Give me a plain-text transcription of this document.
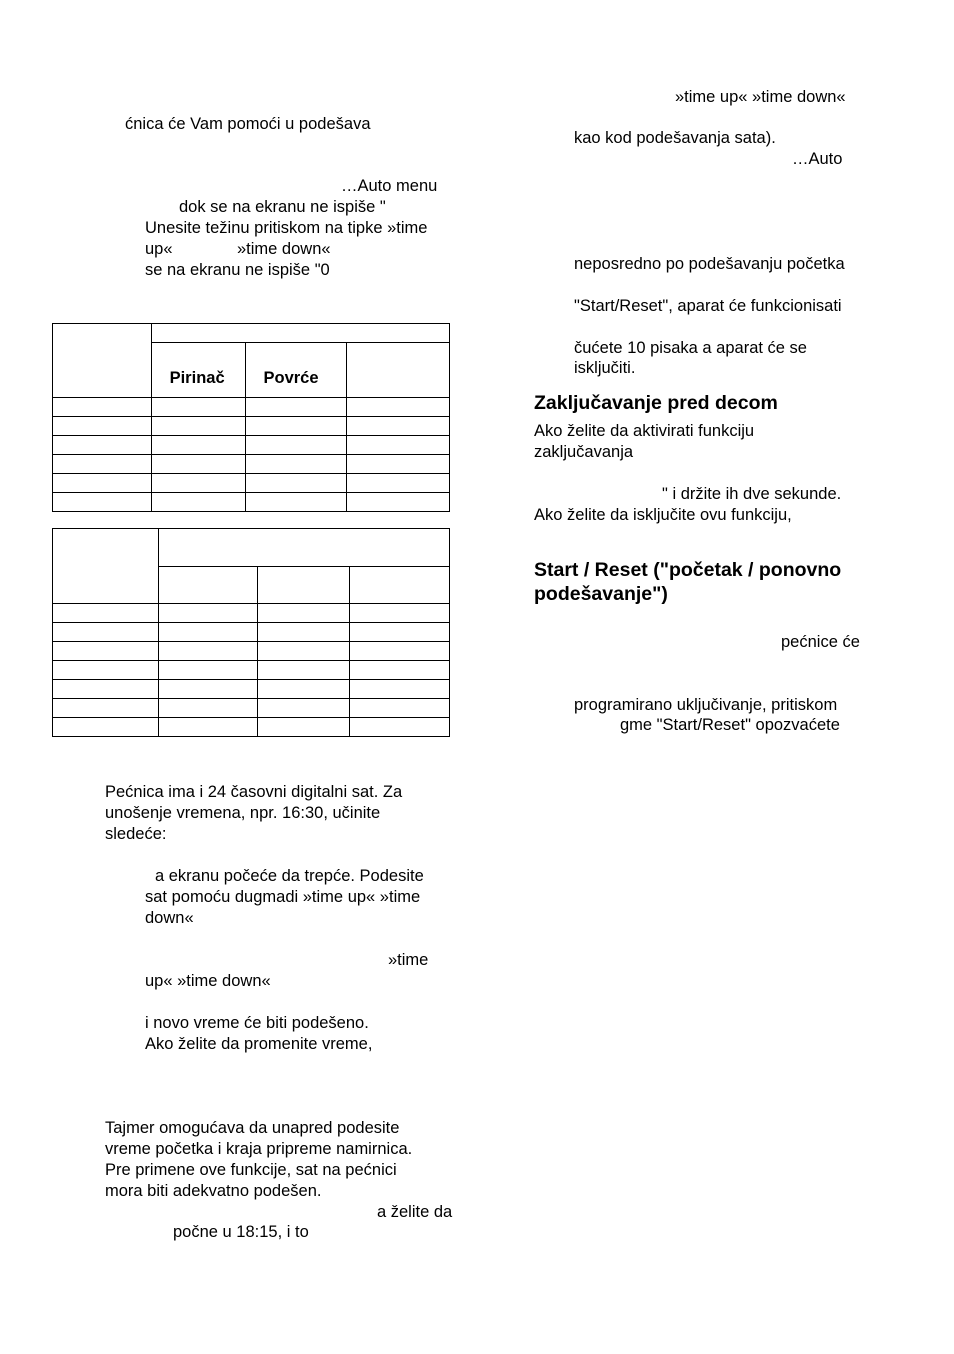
ćnica će Vam pomoći u podešava
…Auto menu
dok se na ekranu ne ispiše "
Unesite težinu pritiskom na tipke »time
up«	»time down«
se na ekranu ne ispiše "0

	Pirinač	Povrće	

Pećnica ima i 24 časovni digitalni sat. Za
unošenje vremena, npr. 16:30, učinite
sledeće:
a ekranu počeće da trepće. Podesite
sat pomoću dugmadi »time up« »time
down«
»time
up« »time down«
i novo vreme će biti podešeno.
Ako želite da promenite vreme,
Tajmer omogućava da unapred podesite
vreme početka i kraja pripreme namirnica.
Pre primene ove funkcije, sat na pećnici
mora biti adekvatno podešen.
a želite da
počne u 18:15, i to
»time up« »time down«
kao kod podešavanja sata).
…Auto
neposredno po podešavanju početka
"Start/Reset", aparat će funkcionisati
čućete 10 pisaka a aparat će se
isključiti.
Zaključavanje pred decom
Ako želite da aktivirati funkciju
zaključavanja
" i držite ih dve sekunde.
Ako želite da isključite ovu funkciju,
Start / Reset ("početak / ponovno
podešavanje")
pećnice će
programirano uključivanje, pritiskom
gme "Start/Reset" opozvaćete
